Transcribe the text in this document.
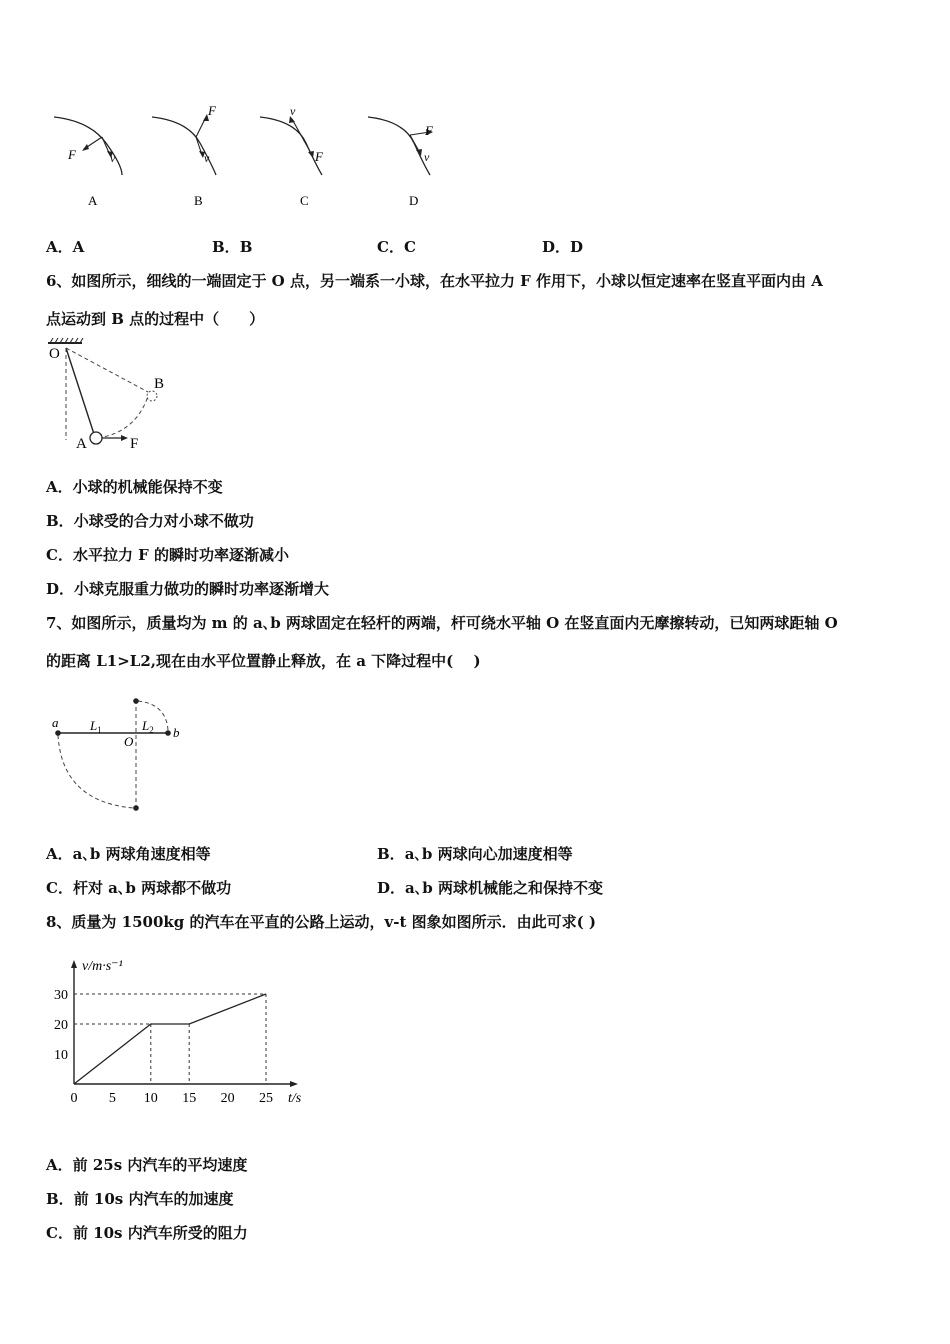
F	v
A
F
v
B
v
F
C
F
v
D
A．A	B．B	C．C	D．D
6、如图所示，细线的一端固定于 O 点，另一端系一小球，在水平拉力 F 作用下，小球以恒定速率在竖直平面内由 A
点运动到 B 点的过程中（　　）
O
B
A	F
A．小球的机械能保持不变
B．小球受的合力对小球不做功
C．水平拉力 F 的瞬时功率逐渐减小
D．小球克服重力做功的瞬时功率逐渐增大
7、如图所示，质量均为 m 的 a､b 两球固定在轻杆的两端，杆可绕水平轴 O 在竖直面内无摩擦转动，已知两球距轴 O
的距离 L1>L2,现在由水平位置静止释放，在 a 下降过程中(　 )
a
b
O
$L_1$	$L_2$
A．a､b 两球角速度相等	B．a､b 两球向心加速度相等
C．杆对 a､b 两球都不做功	D．a､b 两球机械能之和保持不变
8、质量为 1500kg 的汽车在平直的公路上运动，v-t 图象如图所示．由此可求( )
0 5 10 15 20 25
10
20
30
t/s
v/m·s⁻¹
A．前 25s 内汽车的平均速度
B．前 10s 内汽车的加速度
C．前 10s 内汽车所受的阻力
